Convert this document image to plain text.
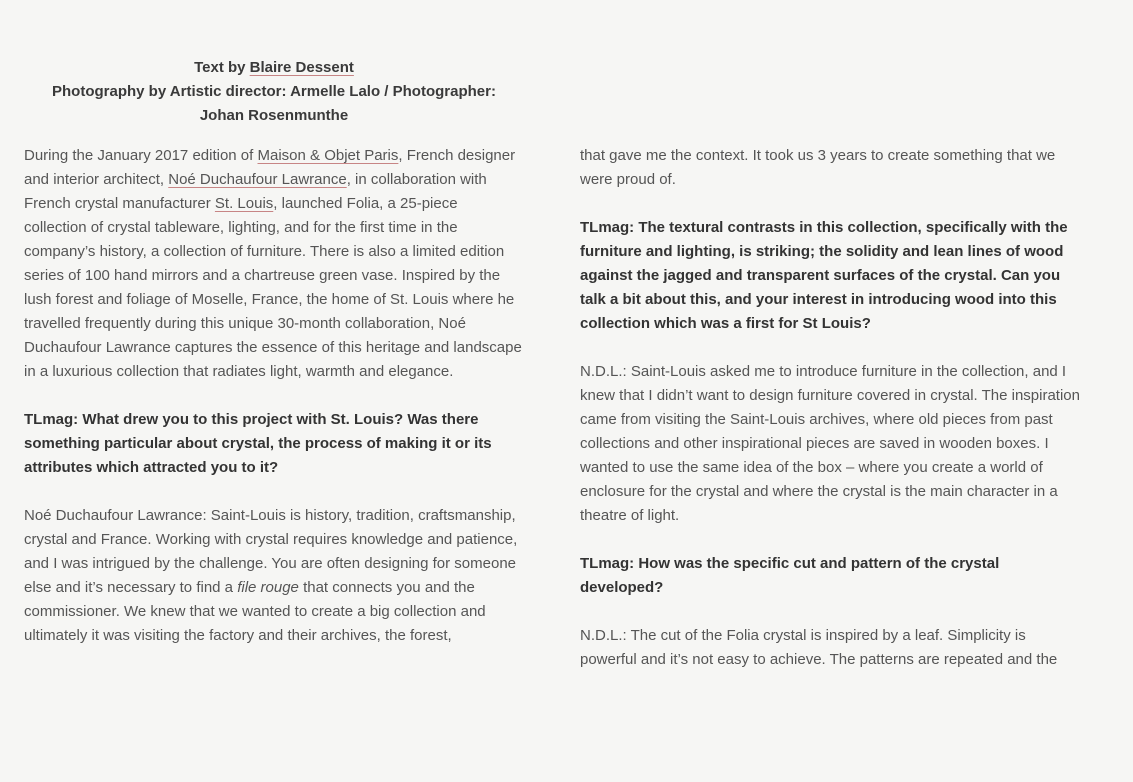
Text by Blaire Dessent
Photography by Artistic director: Armelle Lalo / Photographer:
Johan Rosenmunthe

During the January 2017 edition of Maison & Objet Paris, French designer and interior architect, Noé Duchaufour Lawrance, in collaboration with French crystal manufacturer St. Louis, launched Folia, a 25-piece collection of crystal tableware, lighting, and for the first time in the company’s history, a collection of furniture. There is also a limited edition series of 100 hand mirrors and a chartreuse green vase. Inspired by the lush forest and foliage of Moselle, France, the home of St. Louis where he travelled frequently during this unique 30-month collaboration, Noé Duchaufour Lawrance captures the essence of this heritage and landscape in a luxurious collection that radiates light, warmth and elegance.

TLmag: What drew you to this project with St. Louis? Was there something particular about crystal, the process of making it or its attributes which attracted you to it?

Noé Duchaufour Lawrance: Saint-Louis is history, tradition, craftsmanship, crystal and France. Working with crystal requires knowledge and patience, and I was intrigued by the challenge. You are often designing for someone else and it’s necessary to find a file rouge that connects you and the commissioner. We knew that we wanted to create a big collection and ultimately it was visiting the factory and their archives, the forest,

that gave me the context. It took us 3 years to create something that we were proud of.

TLmag: The textural contrasts in this collection, specifically with the furniture and lighting, is striking; the solidity and lean lines of wood against the jagged and transparent surfaces of the crystal. Can you talk a bit about this, and your interest in introducing wood into this collection which was a first for St Louis?

N.D.L.: Saint-Louis asked me to introduce furniture in the collection, and I knew that I didn’t want to design furniture covered in crystal. The inspiration came from visiting the Saint-Louis archives, where old pieces from past collections and other inspirational pieces are saved in wooden boxes. I wanted to use the same idea of the box – where you create a world of enclosure for the crystal and where the crystal is the main character in a theatre of light.

TLmag: How was the specific cut and pattern of the crystal developed?

N.D.L.: The cut of the Folia crystal is inspired by a leaf. Simplicity is powerful and it’s not easy to achieve. The patterns are repeated and the
